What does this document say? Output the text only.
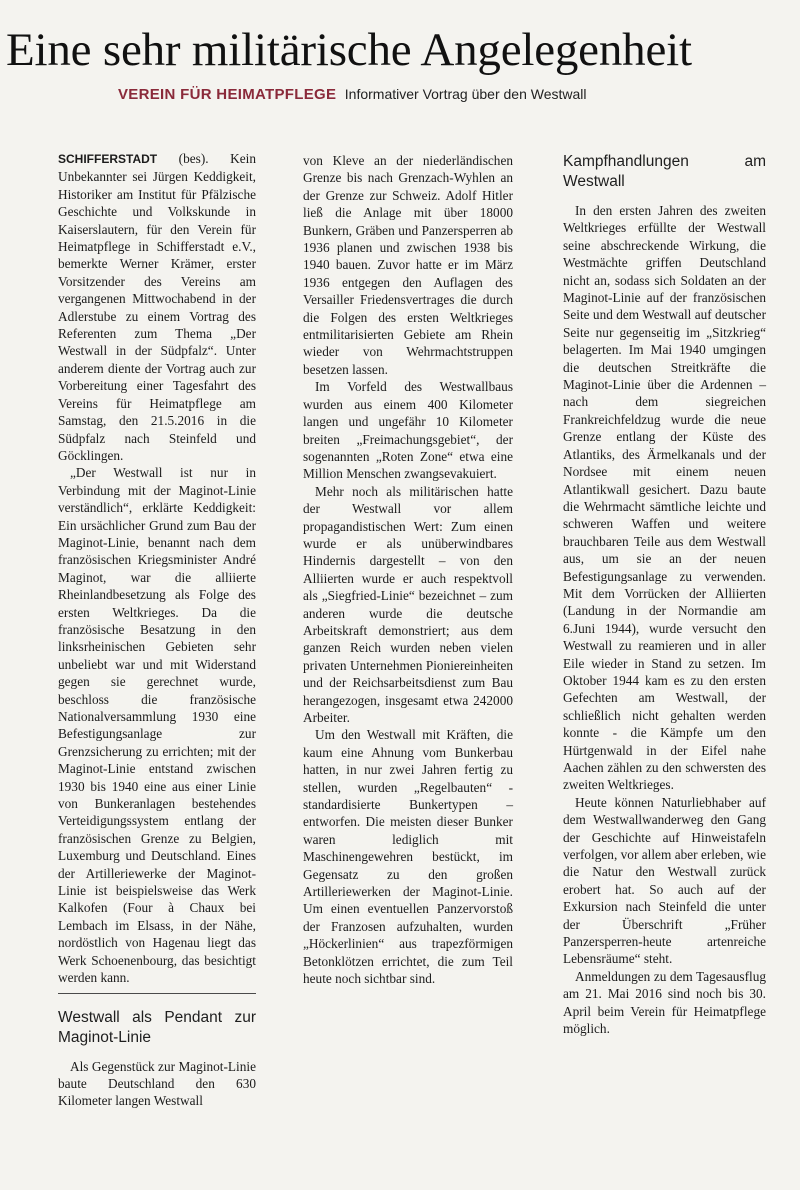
Eine sehr militärische Angelegenheit
VEREIN FÜR HEIMATPFLEGE Informativer Vortrag über den Westwall

SCHIFFERSTADT (bes). Kein Unbekannter sei Jürgen Keddigkeit, Historiker am Institut für Pfälzische Geschichte und Volkskunde in Kaiserslautern, für den Verein für Heimatpflege in Schifferstadt e.V., bemerkte Werner Krämer, erster Vorsitzender des Vereins am vergangenen Mittwochabend in der Adlerstube zu einem Vortrag des Referenten zum Thema „Der Westwall in der Südpfalz“. Unter anderem diente der Vortrag auch zur Vorbereitung einer Tagesfahrt des Vereins für Heimatpflege am Samstag, den 21.5.2016 in die Südpfalz nach Steinfeld und Göcklingen.

„Der Westwall ist nur in Verbindung mit der Maginot-Linie verständlich“, erklärte Keddigkeit: Ein ursächlicher Grund zum Bau der Maginot-Linie, benannt nach dem französischen Kriegsminister André Maginot, war die alliierte Rheinlandbesetzung als Folge des ersten Weltkrieges. Da die französische Besatzung in den linksrheinischen Gebieten sehr unbeliebt war und mit Widerstand gegen sie gerechnet wurde, beschloss die französische Nationalversammlung 1930 eine Befestigungsanlage zur Grenzsicherung zu errichten; mit der Maginot-Linie entstand zwischen 1930 bis 1940 eine aus einer Linie von Bunkeranlagen bestehendes Verteidigungssystem entlang der französischen Grenze zu Belgien, Luxemburg und Deutschland. Eines der Artilleriewerke der Maginot-Linie ist beispielsweise das Werk Kalkofen (Four à Chaux bei Lembach im Elsass, in der Nähe, nordöstlich von Hagenau liegt das Werk Schoenenbourg, das besichtigt werden kann.

Westwall als Pendant zur Maginot-Linie

Als Gegenstück zur Maginot-Linie baute Deutschland den 630 Kilometer langen Westwall

von Kleve an der niederländischen Grenze bis nach Grenzach-Wyhlen an der Grenze zur Schweiz. Adolf Hitler ließ die Anlage mit über 18000 Bunkern, Gräben und Panzersperren ab 1936 planen und zwischen 1938 bis 1940 bauen. Zuvor hatte er im März 1936 entgegen den Auflagen des Versailler Friedensvertrages die durch die Folgen des ersten Weltkrieges entmilitarisierten Gebiete am Rhein wieder von Wehrmachtstruppen besetzen lassen.

Im Vorfeld des Westwallbaus wurden aus einem 400 Kilometer langen und ungefähr 10 Kilometer breiten „Freimachungsgebiet“, der sogenannten „Roten Zone“ etwa eine Million Menschen zwangsevakuiert.

Mehr noch als militärischen hatte der Westwall vor allem propagandistischen Wert: Zum einen wurde er als unüberwindbares Hindernis dargestellt – von den Alliierten wurde er auch respektvoll als „Siegfried-Linie“ bezeichnet – zum anderen wurde die deutsche Arbeitskraft demonstriert; aus dem ganzen Reich wurden neben vielen privaten Unternehmen Pioniereinheiten und der Reichsarbeitsdienst zum Bau herangezogen, insgesamt etwa 242000 Arbeiter.

Um den Westwall mit Kräften, die kaum eine Ahnung vom Bunkerbau hatten, in nur zwei Jahren fertig zu stellen, wurden „Regelbauten“ - standardisierte Bunkertypen – entworfen. Die meisten dieser Bunker waren lediglich mit Maschinengewehren bestückt, im Gegensatz zu den großen Artilleriewerken der Maginot-Linie. Um einen eventuellen Panzervorstoß der Franzosen aufzuhalten, wurden „Höckerlinien“ aus trapezförmigen Betonklötzen errichtet, die zum Teil heute noch sichtbar sind.

Kampfhandlungen am Westwall

In den ersten Jahren des zweiten Weltkrieges erfüllte der Westwall seine abschreckende Wirkung, die Westmächte griffen Deutschland nicht an, sodass sich Soldaten an der Maginot-Linie auf der französischen Seite und dem Westwall auf deutscher Seite nur gegenseitig im „Sitzkrieg“ belagerten. Im Mai 1940 umgingen die deutschen Streitkräfte die Maginot-Linie über die Ardennen – nach dem siegreichen Frankreichfeldzug wurde die neue Grenze entlang der Küste des Atlantiks, des Ärmelkanals und der Nordsee mit einem neuen Atlantikwall gesichert. Dazu baute die Wehrmacht sämtliche leichte und schweren Waffen und weitere brauchbaren Teile aus dem Westwall aus, um sie an der neuen Befestigungsanlage zu verwenden. Mit dem Vorrücken der Alliierten (Landung in der Normandie am 6.Juni 1944), wurde versucht den Westwall zu reamieren und in aller Eile wieder in Stand zu setzen. Im Oktober 1944 kam es zu den ersten Gefechten am Westwall, der schließlich nicht gehalten werden konnte - die Kämpfe um den Hürtgenwald in der Eifel nahe Aachen zählen zu den schwersten des zweiten Weltkrieges.

Heute können Naturliebhaber auf dem Westwallwanderweg den Gang der Geschichte auf Hinweistafeln verfolgen, vor allem aber erleben, wie die Natur den Westwall zurück erobert hat. So auch auf der Exkursion nach Steinfeld die unter der Überschrift „Früher Panzersperren-heute artenreiche Lebensräume“ steht.

Anmeldungen zu dem Tagesausflug am 21. Mai 2016 sind noch bis 30. April beim Verein für Heimatpflege möglich.
